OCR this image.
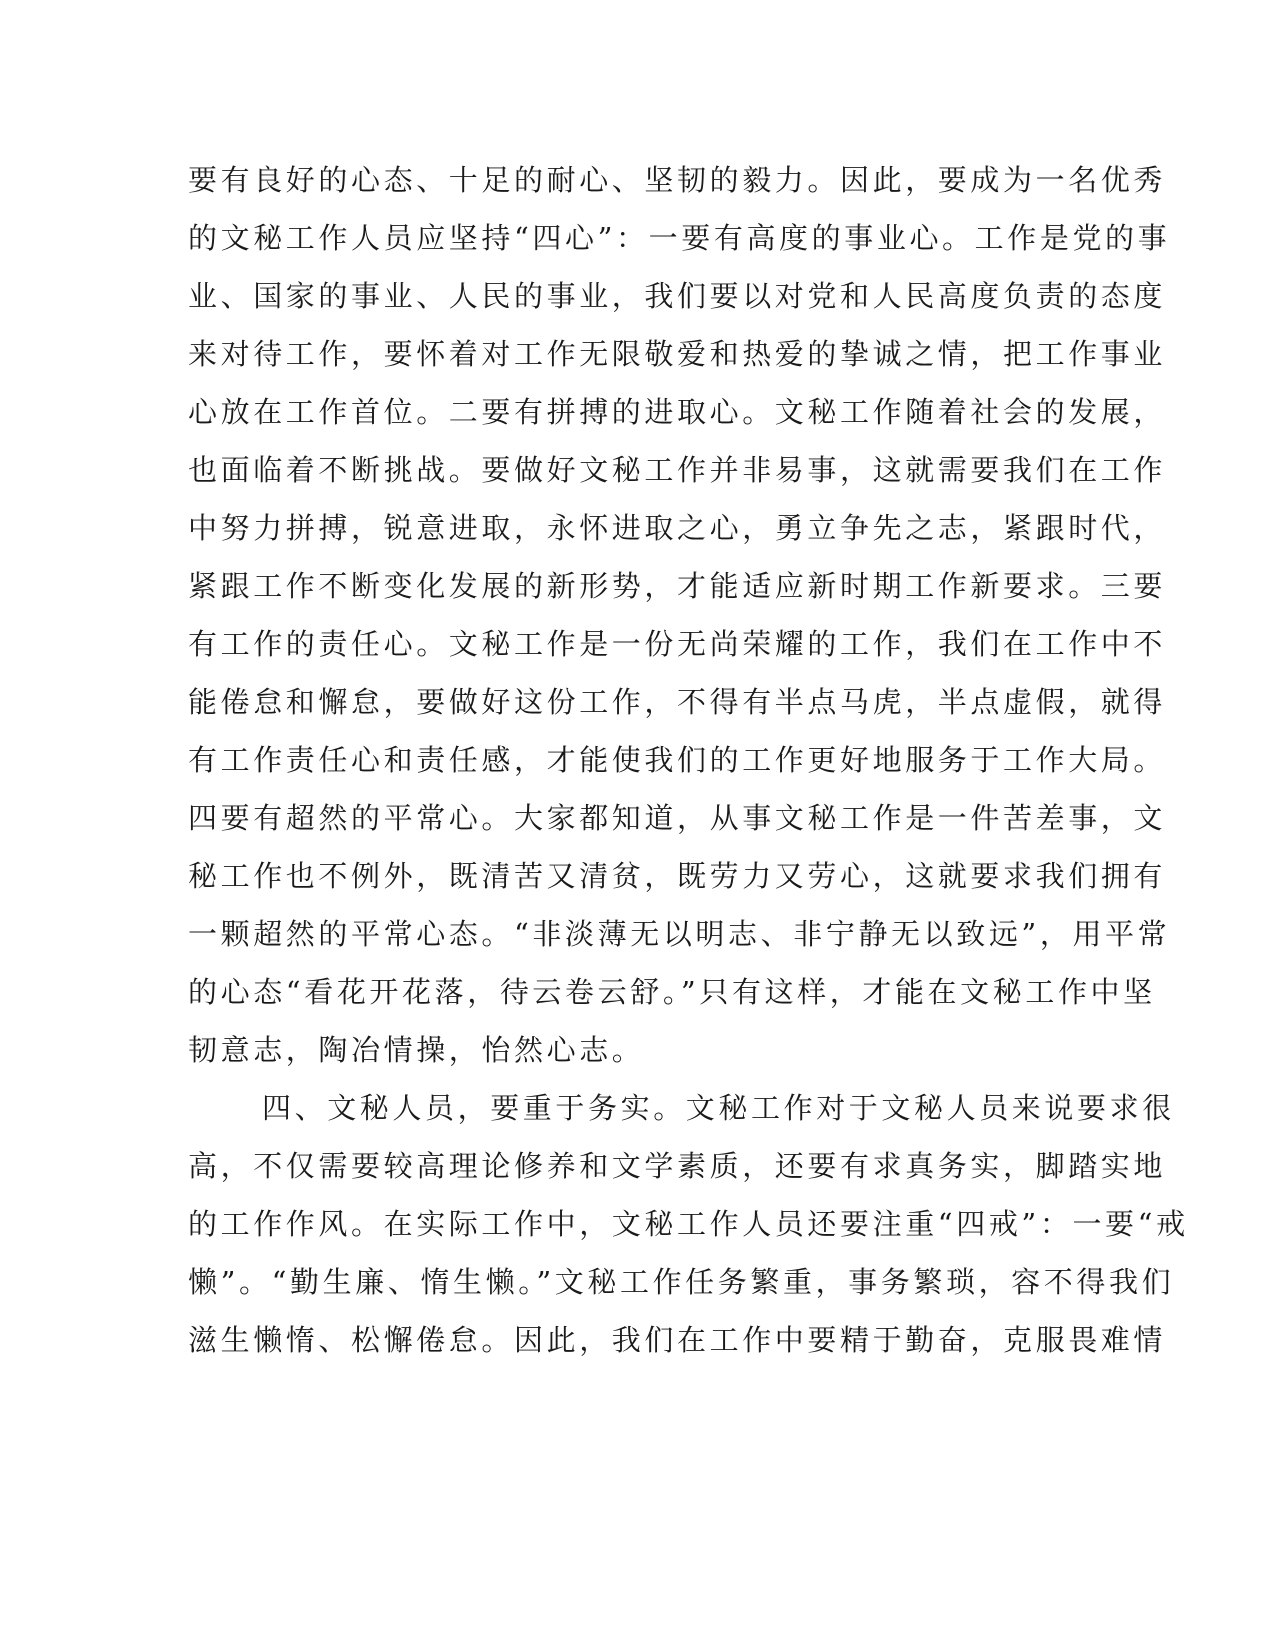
要有良好的心态、十足的耐心、坚韧的毅力。因此，要成为一名优秀
的文秘工作人员应坚持“四心”：一要有高度的事业心。工作是党的事
业、国家的事业、人民的事业，我们要以对党和人民高度负责的态度
来对待工作，要怀着对工作无限敬爱和热爱的挚诚之情，把工作事业
心放在工作首位。二要有拼搏的进取心。文秘工作随着社会的发展，
也面临着不断挑战。要做好文秘工作并非易事，这就需要我们在工作
中努力拼搏，锐意进取，永怀进取之心，勇立争先之志，紧跟时代，
紧跟工作不断变化发展的新形势，才能适应新时期工作新要求。三要
有工作的责任心。文秘工作是一份无尚荣耀的工作，我们在工作中不
能倦怠和懈怠，要做好这份工作，不得有半点马虎，半点虚假，就得
有工作责任心和责任感，才能使我们的工作更好地服务于工作大局。
四要有超然的平常心。大家都知道，从事文秘工作是一件苦差事，文
秘工作也不例外，既清苦又清贫，既劳力又劳心，这就要求我们拥有
一颗超然的平常心态。“非淡薄无以明志、非宁静无以致远”，用平常
的心态“看花开花落，待云卷云舒。”只有这样，才能在文秘工作中坚
韧意志，陶冶情操，怡然心志。
四、文秘人员，要重于务实。文秘工作对于文秘人员来说要求很
高，不仅需要较高理论修养和文学素质，还要有求真务实，脚踏实地
的工作作风。在实际工作中，文秘工作人员还要注重“四戒”：一要“戒
懒”。“勤生廉、惰生懒。”文秘工作任务繁重，事务繁琐，容不得我们
滋生懒惰、松懈倦怠。因此，我们在工作中要精于勤奋，克服畏难情
